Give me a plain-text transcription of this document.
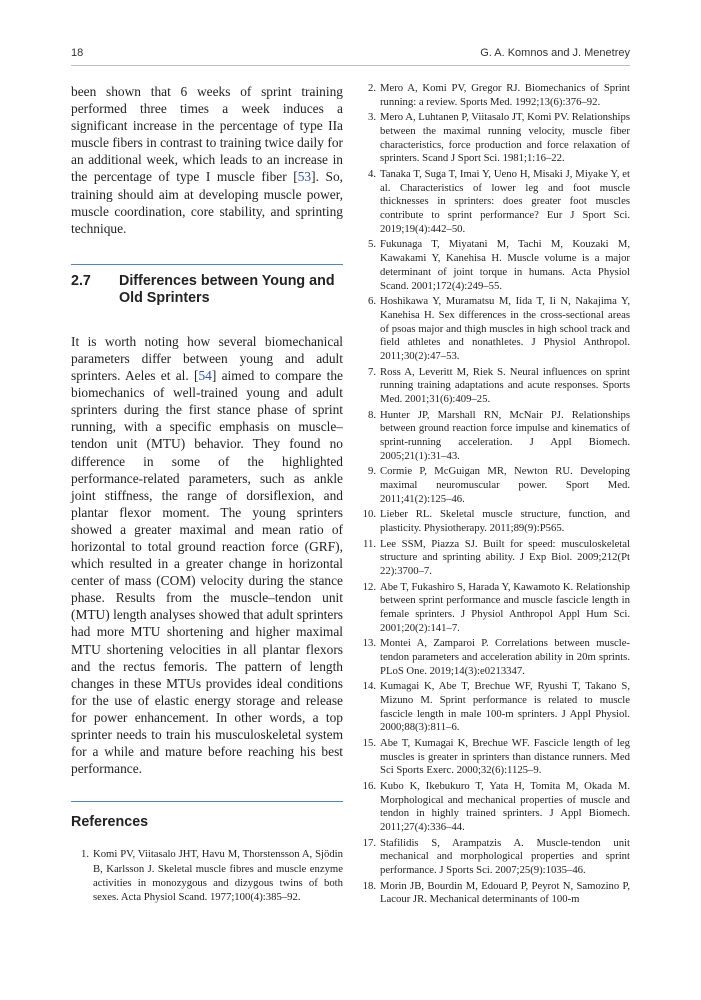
18	G. A. Komnos and J. Menetrey

been shown that 6 weeks of sprint training performed three times a week induces a significant increase in the percentage of type IIa muscle fibers in contrast to training twice daily for an additional week, which leads to an increase in the percentage of type I muscle fiber [53]. So, training should aim at developing muscle power, muscle coordination, core stability, and sprinting technique.

2.7	Differences between Young and Old Sprinters

It is worth noting how several biomechanical parameters differ between young and adult sprinters. Aeles et al. [54] aimed to compare the biomechanics of well-trained young and adult sprinters during the first stance phase of sprint running, with a specific emphasis on muscle–tendon unit (MTU) behavior. They found no difference in some of the highlighted performance-related parameters, such as ankle joint stiffness, the range of dorsiflexion, and plantar flexor moment. The young sprinters showed a greater maximal and mean ratio of horizontal to total ground reaction force (GRF), which resulted in a greater change in horizontal center of mass (COM) velocity during the stance phase. Results from the muscle–tendon unit (MTU) length analyses showed that adult sprinters had more MTU shortening and higher maximal MTU shortening velocities in all plantar flexors and the rectus femoris. The pattern of length changes in these MTUs provides ideal conditions for the use of elastic energy storage and release for power enhancement. In other words, a top sprinter needs to train his musculoskeletal system for a while and mature before reaching his best performance.

References
1. Komi PV, Viitasalo JHT, Havu M, Thorstensson A, Sjödin B, Karlsson J. Skeletal muscle fibres and muscle enzyme activities in monozygous and dizygous twins of both sexes. Acta Physiol Scand. 1977;100(4):385–92.
2. Mero A, Komi PV, Gregor RJ. Biomechanics of Sprint running: a review. Sports Med. 1992;13(6):376–92.
3. Mero A, Luhtanen P, Viitasalo JT, Komi PV. Relationships between the maximal running velocity, muscle fiber characteristics, force production and force relaxation of sprinters. Scand J Sport Sci. 1981;1:16–22.
4. Tanaka T, Suga T, Imai Y, Ueno H, Misaki J, Miyake Y, et al. Characteristics of lower leg and foot muscle thicknesses in sprinters: does greater foot muscles contribute to sprint performance? Eur J Sport Sci. 2019;19(4):442–50.
5. Fukunaga T, Miyatani M, Tachi M, Kouzaki M, Kawakami Y, Kanehisa H. Muscle volume is a major determinant of joint torque in humans. Acta Physiol Scand. 2001;172(4):249–55.
6. Hoshikawa Y, Muramatsu M, Iida T, Ii N, Nakajima Y, Kanehisa H. Sex differences in the cross-sectional areas of psoas major and thigh muscles in high school track and field athletes and nonathletes. J Physiol Anthropol. 2011;30(2):47–53.
7. Ross A, Leveritt M, Riek S. Neural influences on sprint running training adaptations and acute responses. Sports Med. 2001;31(6):409–25.
8. Hunter JP, Marshall RN, McNair PJ. Relationships between ground reaction force impulse and kinematics of sprint-running acceleration. J Appl Biomech. 2005;21(1):31–43.
9. Cormie P, McGuigan MR, Newton RU. Developing maximal neuromuscular power. Sport Med. 2011;41(2):125–46.
10. Lieber RL. Skeletal muscle structure, function, and plasticity. Physiotherapy. 2011;89(9):P565.
11. Lee SSM, Piazza SJ. Built for speed: musculoskeletal structure and sprinting ability. J Exp Biol. 2009;212(Pt 22):3700–7.
12. Abe T, Fukashiro S, Harada Y, Kawamoto K. Relationship between sprint performance and muscle fascicle length in female sprinters. J Physiol Anthropol Appl Hum Sci. 2001;20(2):141–7.
13. Montei A, Zamparoi P. Correlations between muscle-tendon parameters and acceleration ability in 20m sprints. PLoS One. 2019;14(3):e0213347.
14. Kumagai K, Abe T, Brechue WF, Ryushi T, Takano S, Mizuno M. Sprint performance is related to muscle fascicle length in male 100-m sprinters. J Appl Physiol. 2000;88(3):811–6.
15. Abe T, Kumagai K, Brechue WF. Fascicle length of leg muscles is greater in sprinters than distance runners. Med Sci Sports Exerc. 2000;32(6):1125–9.
16. Kubo K, Ikebukuro T, Yata H, Tomita M, Okada M. Morphological and mechanical properties of muscle and tendon in highly trained sprinters. J Appl Biomech. 2011;27(4):336–44.
17. Stafilidis S, Arampatzis A. Muscle-tendon unit mechanical and morphological properties and sprint performance. J Sports Sci. 2007;25(9):1035–46.
18. Morin JB, Bourdin M, Edouard P, Peyrot N, Samozino P, Lacour JR. Mechanical determinants of 100-m
